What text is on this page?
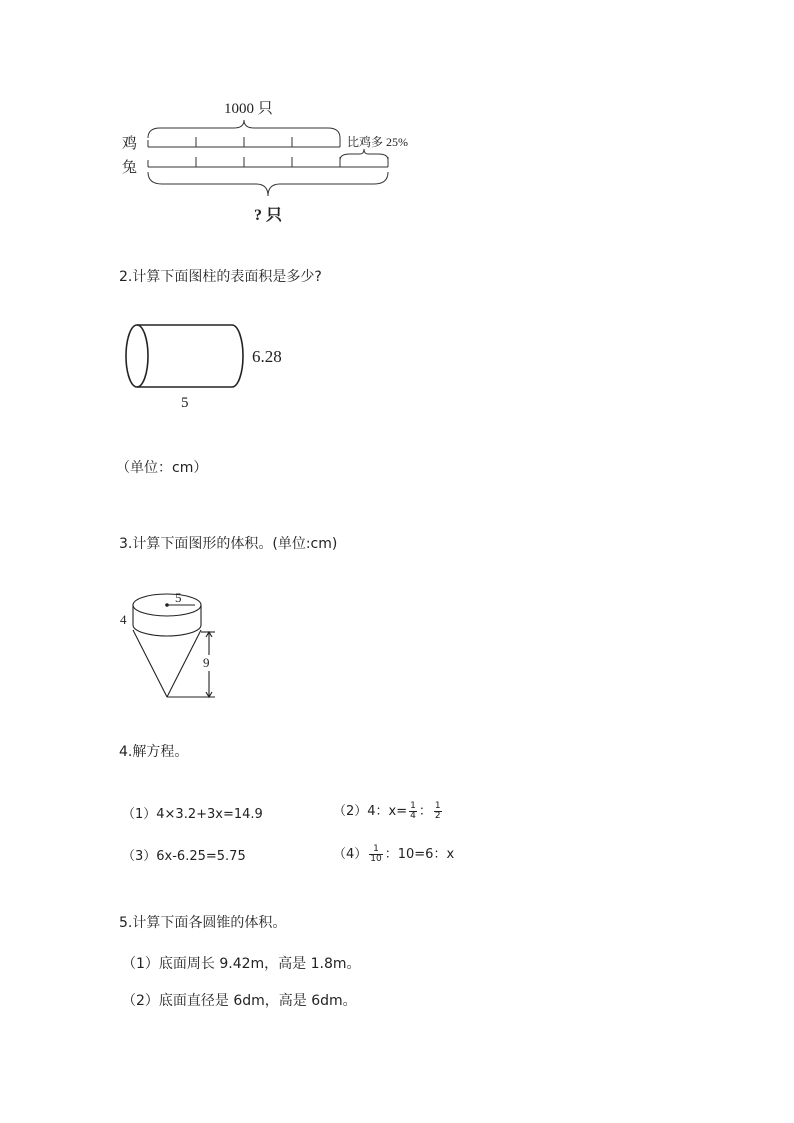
1000 只
鸡
兔
比鸡多 25%
? 只
2.计算下面图柱的表面积是多少?
6.28
5
（单位：cm）
3.计算下面图形的体积。(单位:cm)
5
4
9
4.解方程。
（1）4×3.2+3x=14.9	（2）4：$x= \frac{1}{4}$ ： $\frac{1}{2}$
（3）6x-6.25=5.75	$(4) \frac{1}{10}$ ：10=6：x
5.计算下面各圆锥的体积。
（1）底面周长 9.42m，高是 1.8m。
（2）底面直径是 6dm，高是 6dm。
